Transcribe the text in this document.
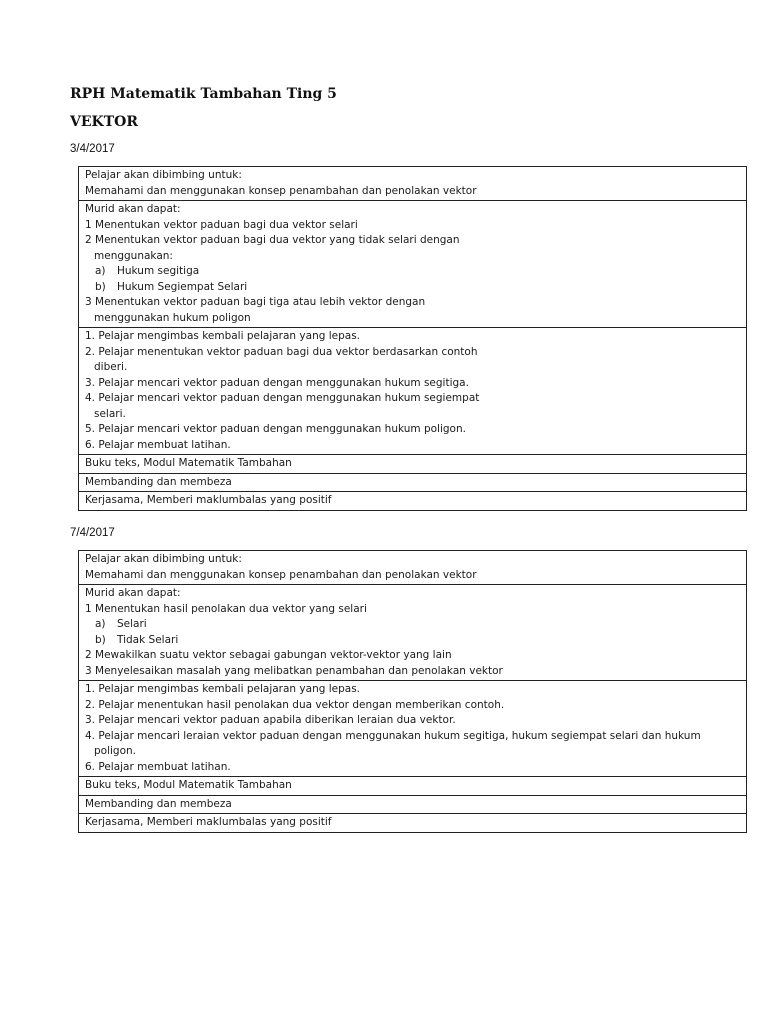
RPH Matematik Tambahan Ting 5
VEKTOR
3/4/2017
Pelajar akan dibimbing untuk:
Memahami dan menggunakan konsep penambahan dan penolakan vektor
Murid akan dapat:
1 Menentukan vektor paduan bagi dua vektor selari
2 Menentukan vektor paduan bagi dua vektor yang tidak selari dengan
menggunakan:
a) Hukum segitiga
b) Hukum Segiempat Selari
3 Menentukan vektor paduan bagi tiga atau lebih vektor dengan
menggunakan hukum poligon
1. Pelajar mengimbas kembali pelajaran yang lepas.
2. Pelajar menentukan vektor paduan bagi dua vektor berdasarkan contoh
diberi.
3. Pelajar mencari vektor paduan dengan menggunakan hukum segitiga.
4. Pelajar mencari vektor paduan dengan menggunakan hukum segiempat
selari.
5. Pelajar mencari vektor paduan dengan menggunakan hukum poligon.
6. Pelajar membuat latihan.
Buku teks, Modul Matematik Tambahan
Membanding dan membeza
Kerjasama, Memberi maklumbalas yang positif
7/4/2017
Pelajar akan dibimbing untuk:
Memahami dan menggunakan konsep penambahan dan penolakan vektor
Murid akan dapat:
1 Menentukan hasil penolakan dua vektor yang selari
a) Selari
b) Tidak Selari
2 Mewakilkan suatu vektor sebagai gabungan vektor-vektor yang lain
3 Menyelesaikan masalah yang melibatkan penambahan dan penolakan vektor
1. Pelajar mengimbas kembali pelajaran yang lepas.
2. Pelajar menentukan hasil penolakan dua vektor dengan memberikan contoh.
3. Pelajar mencari vektor paduan apabila diberikan leraian dua vektor.
4. Pelajar mencari leraian vektor paduan dengan menggunakan hukum segitiga, hukum segiempat selari dan hukum
poligon.
6. Pelajar membuat latihan.
Buku teks, Modul Matematik Tambahan
Membanding dan membeza
Kerjasama, Memberi maklumbalas yang positif
